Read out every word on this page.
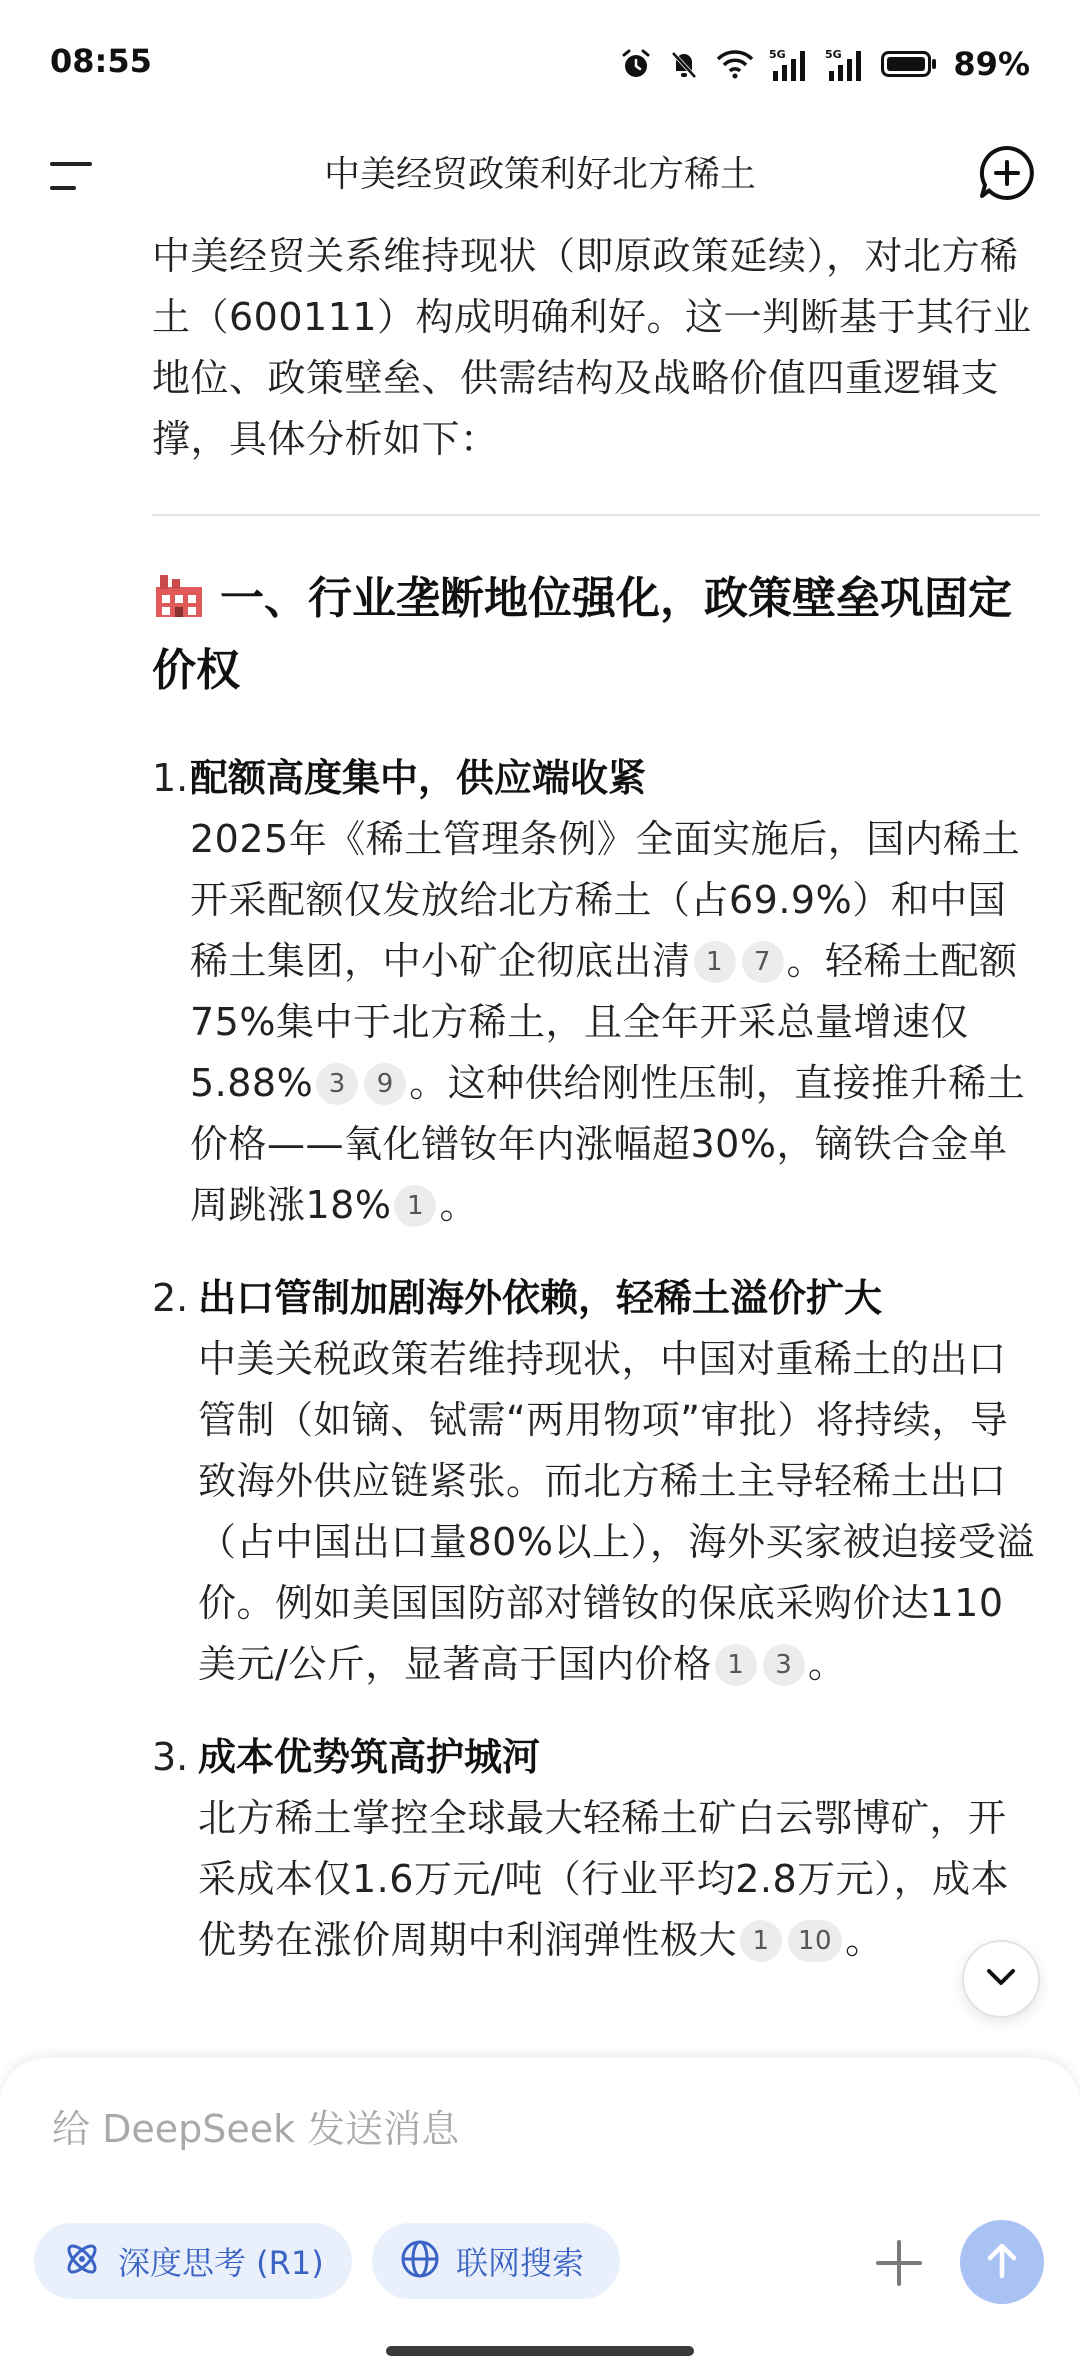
08:55	5G	5G	89%
中美经贸政策利好北方稀土

中美经贸关系维持现状（即原政策延续），对北方稀土（600111）构成明确利好。这一判断基于其行业地位、政策壁垒、供需结构及战略价值四重逻辑支撑，具体分析如下：

一、行业垄断地位强化，政策壁垒巩固定价权
1. 配额高度集中，供应端收紧

2025年《稀土管理条例》全面实施后，国内稀土开采配额仅发放给北方稀土（占69.9%）和中国稀土集团，中小矿企彻底出清 1 7 。轻稀土配额75%集中于北方稀土，且全年开采总量增速仅5.88% 3 9 。这种供给刚性压制，直接推升稀土价格——氧化镨钕年内涨幅超30%，镝铁合金单周跳涨18% 1 。

2. 出口管制加剧海外依赖，轻稀土溢价扩大

中美关税政策若维持现状，中国对重稀土的出口管制（如镝、铽需“两用物项”审批）将持续，导致海外供应链紧张。而北方稀土主导轻稀土出口（占中国出口量80%以上），海外买家被迫接受溢价。例如美国国防部对镨钕的保底采购价达110美元/公斤，显著高于国内价格 1 3 。

3. 成本优势筑高护城河

北方稀土掌控全球最大轻稀土矿白云鄂博矿，开采成本仅1.6万元/吨（行业平均2.8万元），成本优势在涨价周期中利润弹性极大 1 10 。

给 DeepSeek 发送消息
深度思考 (R1)	联网搜索
